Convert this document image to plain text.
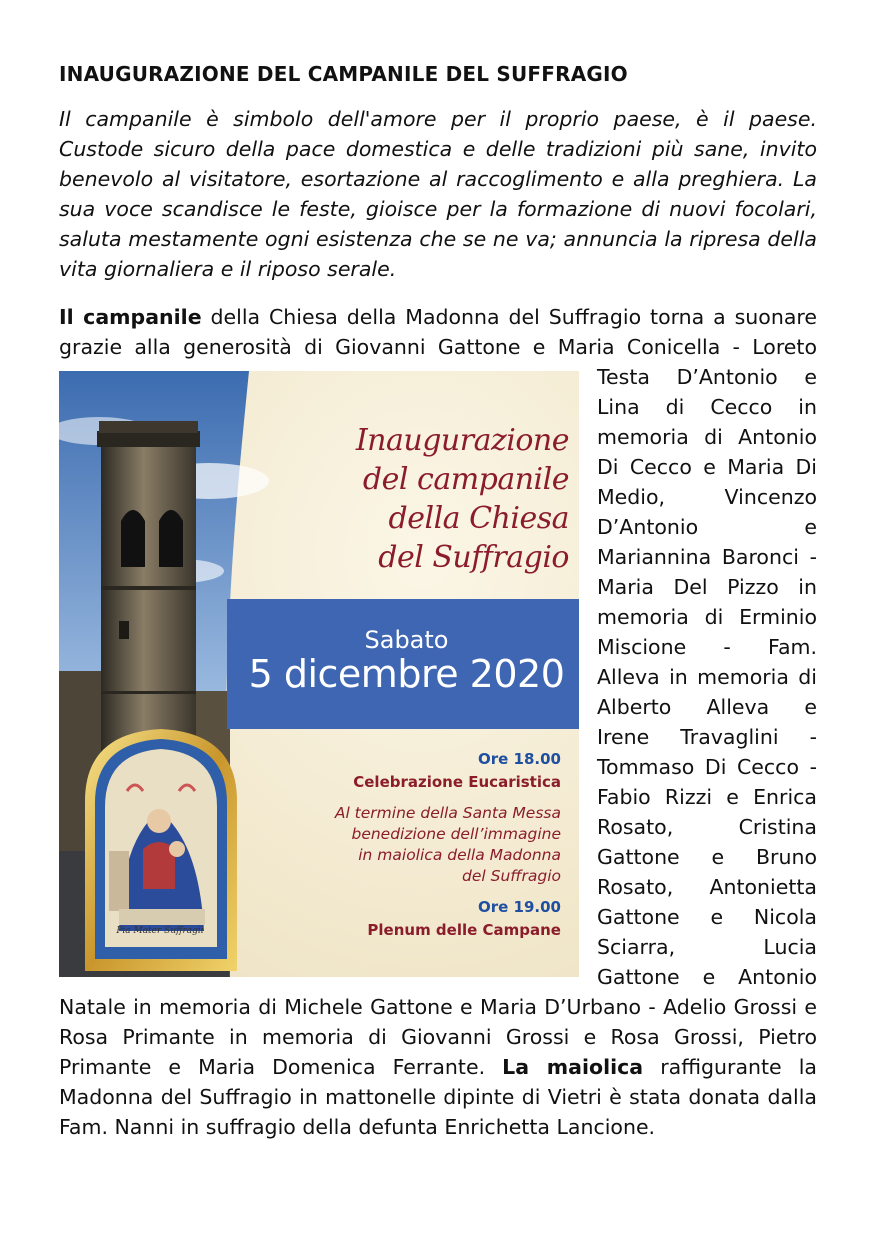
INAUGURAZIONE DEL CAMPANILE DEL SUFFRAGIO

Il campanile è simbolo dell'amore per il proprio paese, è il paese. Custode sicuro della pace domestica e delle tradizioni più sane, invito benevolo al visitatore, esortazione al raccoglimento e alla preghiera. La sua voce scandisce le feste, gioisce per la formazione di nuovi focolari, saluta mestamente ogni esistenza che se ne va; annuncia la ripresa della vita giornaliera e il riposo serale.

Il campanile della Chiesa della Madonna del Suffragio torna a suonare grazie alla generosità di Giovanni Gattone e Maria
Inaugurazione
del campanile
della Chiesa
del Suffragio
Sabato
5 dicembre 2020
Ore 18.00
Celebrazione Eucaristica
Al termine della Santa Messa
benedizione dell’immagine
in maiolica della Madonna
del Suffragio
Ore 19.00
Plenum delle Campane
Pia Mater Suffragii
Conicella - Loreto Testa D’Antonio e Lina di Cecco in memoria di Antonio Di Cecco e Maria Di Medio, Vincenzo D’Antonio e Mariannina Baronci - Maria Del Pizzo in memoria di Erminio Miscione - Fam. Alleva in memoria di Alberto Alleva e Irene Travaglini - Tommaso Di Cecco - Fabio Rizzi e Enrica Rosato, Cristina Gattone e Bruno Rosato, Antonietta Gattone e Nicola Sciarra, Lucia Gattone e Antonio Natale in memoria di Michele Gattone e Maria D’Urbano - Adelio Grossi e Rosa Primante in memoria di Giovanni Grossi e Rosa Grossi, Pietro Primante e Maria Domenica Ferrante. La maiolica raffigurante la Madonna del Suffragio in mattonelle dipinte di Vietri è stata donata dalla Fam. Nanni in suffragio della defunta Enrichetta Lancione.
